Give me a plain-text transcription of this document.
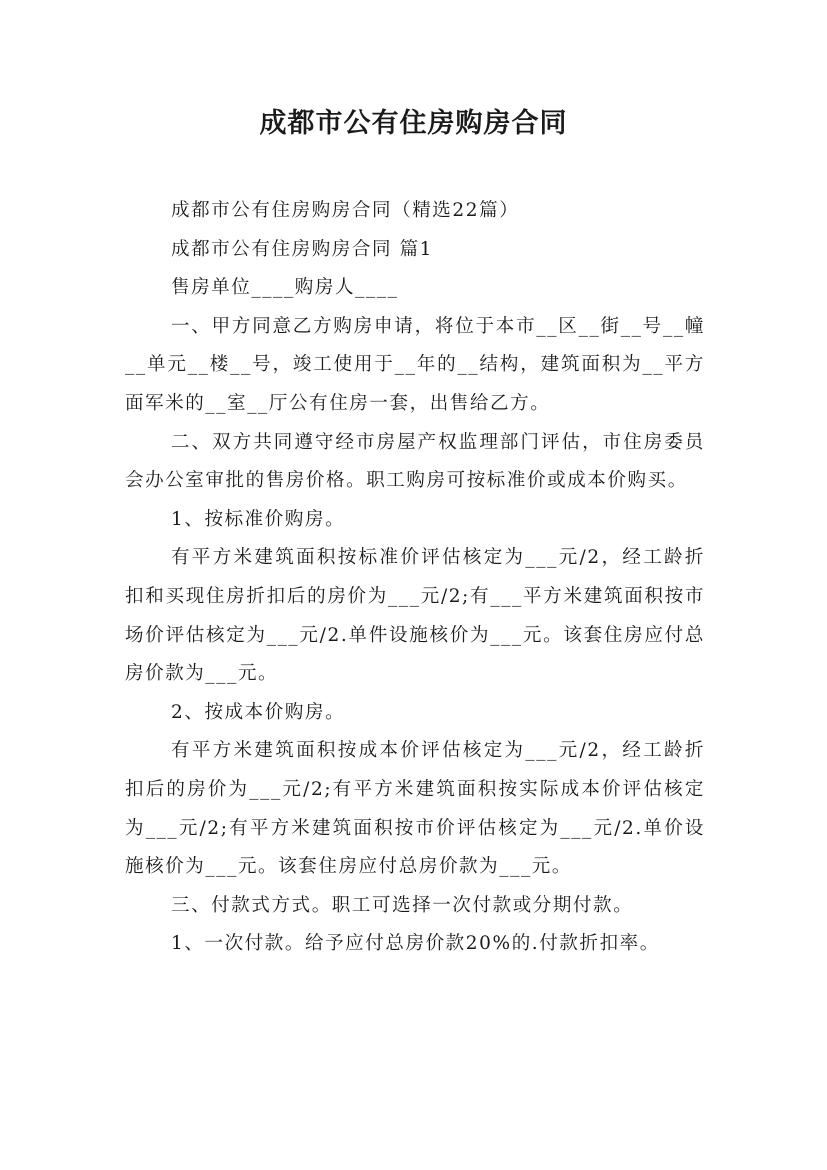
成都市公有住房购房合同

成都市公有住房购房合同（精选22篇）

成都市公有住房购房合同 篇1

售房单位____购房人____

一、甲方同意乙方购房申请，将位于本市__区__街__号__幢__单元__楼__号，竣工使用于__年的__结构，建筑面积为__平方面军米的__室__厅公有住房一套，出售给乙方。

二、双方共同遵守经市房屋产权监理部门评估，市住房委员会办公室审批的售房价格。职工购房可按标准价或成本价购买。

1、按标准价购房。

有平方米建筑面积按标准价评估核定为___元/2，经工龄折扣和买现住房折扣后的房价为___元/2;有___平方米建筑面积按市场价评估核定为___元/2.单件设施核价为___元。该套住房应付总房价款为___元。

2、按成本价购房。

有平方米建筑面积按成本价评估核定为___元/2，经工龄折扣后的房价为___元/2;有平方米建筑面积按实际成本价评估核定为___元/2;有平方米建筑面积按市价评估核定为___元/2.单价设施核价为___元。该套住房应付总房价款为___元。

三、付款式方式。职工可选择一次付款或分期付款。

1、一次付款。给予应付总房价款20%的.付款折扣率。
